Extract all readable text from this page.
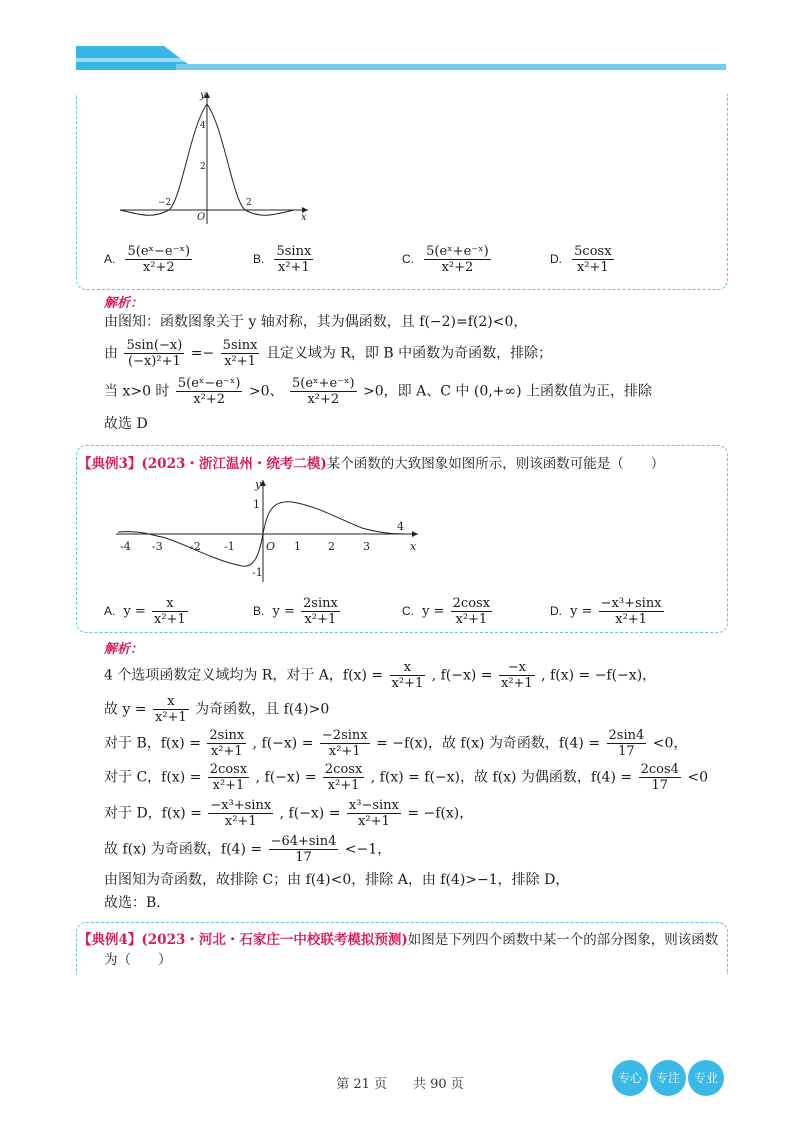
y
x
O
4
2
−2	2
A. $\frac{\text{5(eˣ−e⁻ˣ)}}{\text{x²+2}}$	B. $\frac{5\sin x}{\text{x²+1}}$	C. $\frac{\text{5(eˣ+e⁻ˣ)}}{\text{x²+2}}$	D. $\frac{5\cos x}{\text{x²+1}}$
解析：
由图知：函数图象关于 y 轴对称，其为偶函数，且 f(−2)=f(2)<0，
由 $\frac{5\sin(-x)}{\text{(−x)²+1}} =- \frac{5\sin x}{\text{x²+1}}$ 且定义域为 R，即 B 中函数为奇函数，排除；
当 x>0 时 $\frac{\text{5(eˣ−e⁻ˣ)}}{\text{x²+2}} >0$、 $\frac{\text{5(eˣ+e⁻ˣ)}}{\text{x²+2}} >0$，即 A、C 中 (0,+∞) 上函数值为正，排除
故选 D
【典例3】(2023・浙江温州・统考二模)某个函数的大致图象如图所示，则该函数可能是（　　）
y
x
O
-4 -3 -2 -1	1 2	3
4
1
-1
A. $y = \frac{x}{\text{x²+1}}$	B. $y = \frac{2\sin x}{\text{x²+1}}$	C. $y = \frac{2\cos x}{\text{x²+1}}$	D. $y = \frac{\text{−x³+sinx}}{\text{x²+1}}$
解析：
4 个选项函数定义域均为 R，对于 A，$f(x) = \frac{x}{\text{x²+1}}$ , $f(-x) = \frac{-x}{\text{x²+1}}$ , f(x) = −f(−x)，
故 $y = \frac{x}{\text{x²+1}}$ 为奇函数，且 f(4)>0
对于 B，$f(x) = \frac{2\sin x}{\text{x²+1}}$ , $f(-x) = \frac{-2\sin x}{\text{x²+1}} = -f(x)$，故 f(x) 为奇函数，$f(4) = \frac{2\sin 4}{17} <0$，
对于 C，$f(x) = \frac{2\cos x}{\text{x²+1}}$ , $f(-x) = \frac{2\cos x}{\text{x²+1}}$ , f(x) = f(−x)，故 f(x) 为偶函数，$f(4) = \frac{2\cos 4}{17} <0$
对于 D，$f(x) = \frac{\text{−x³+sinx}}{\text{x²+1}}$ , $f(-x) = \frac{\text{x³−sinx}}{\text{x²+1}} = -f(x)$，
故 f(x) 为奇函数，$f(4) = \frac{-64+\sin 4}{17} <-1$，
由图知为奇函数，故排除 C；由 f(4)<0，排除 A，由 f(4)>−1，排除 D，
故选：B.
【典例4】(2023・河北・石家庄一中校联考模拟预测)如图是下列四个函数中某一个的部分图象，则该函数
为（　　）
第 21 页　　共 90 页	专心	专注	专业
